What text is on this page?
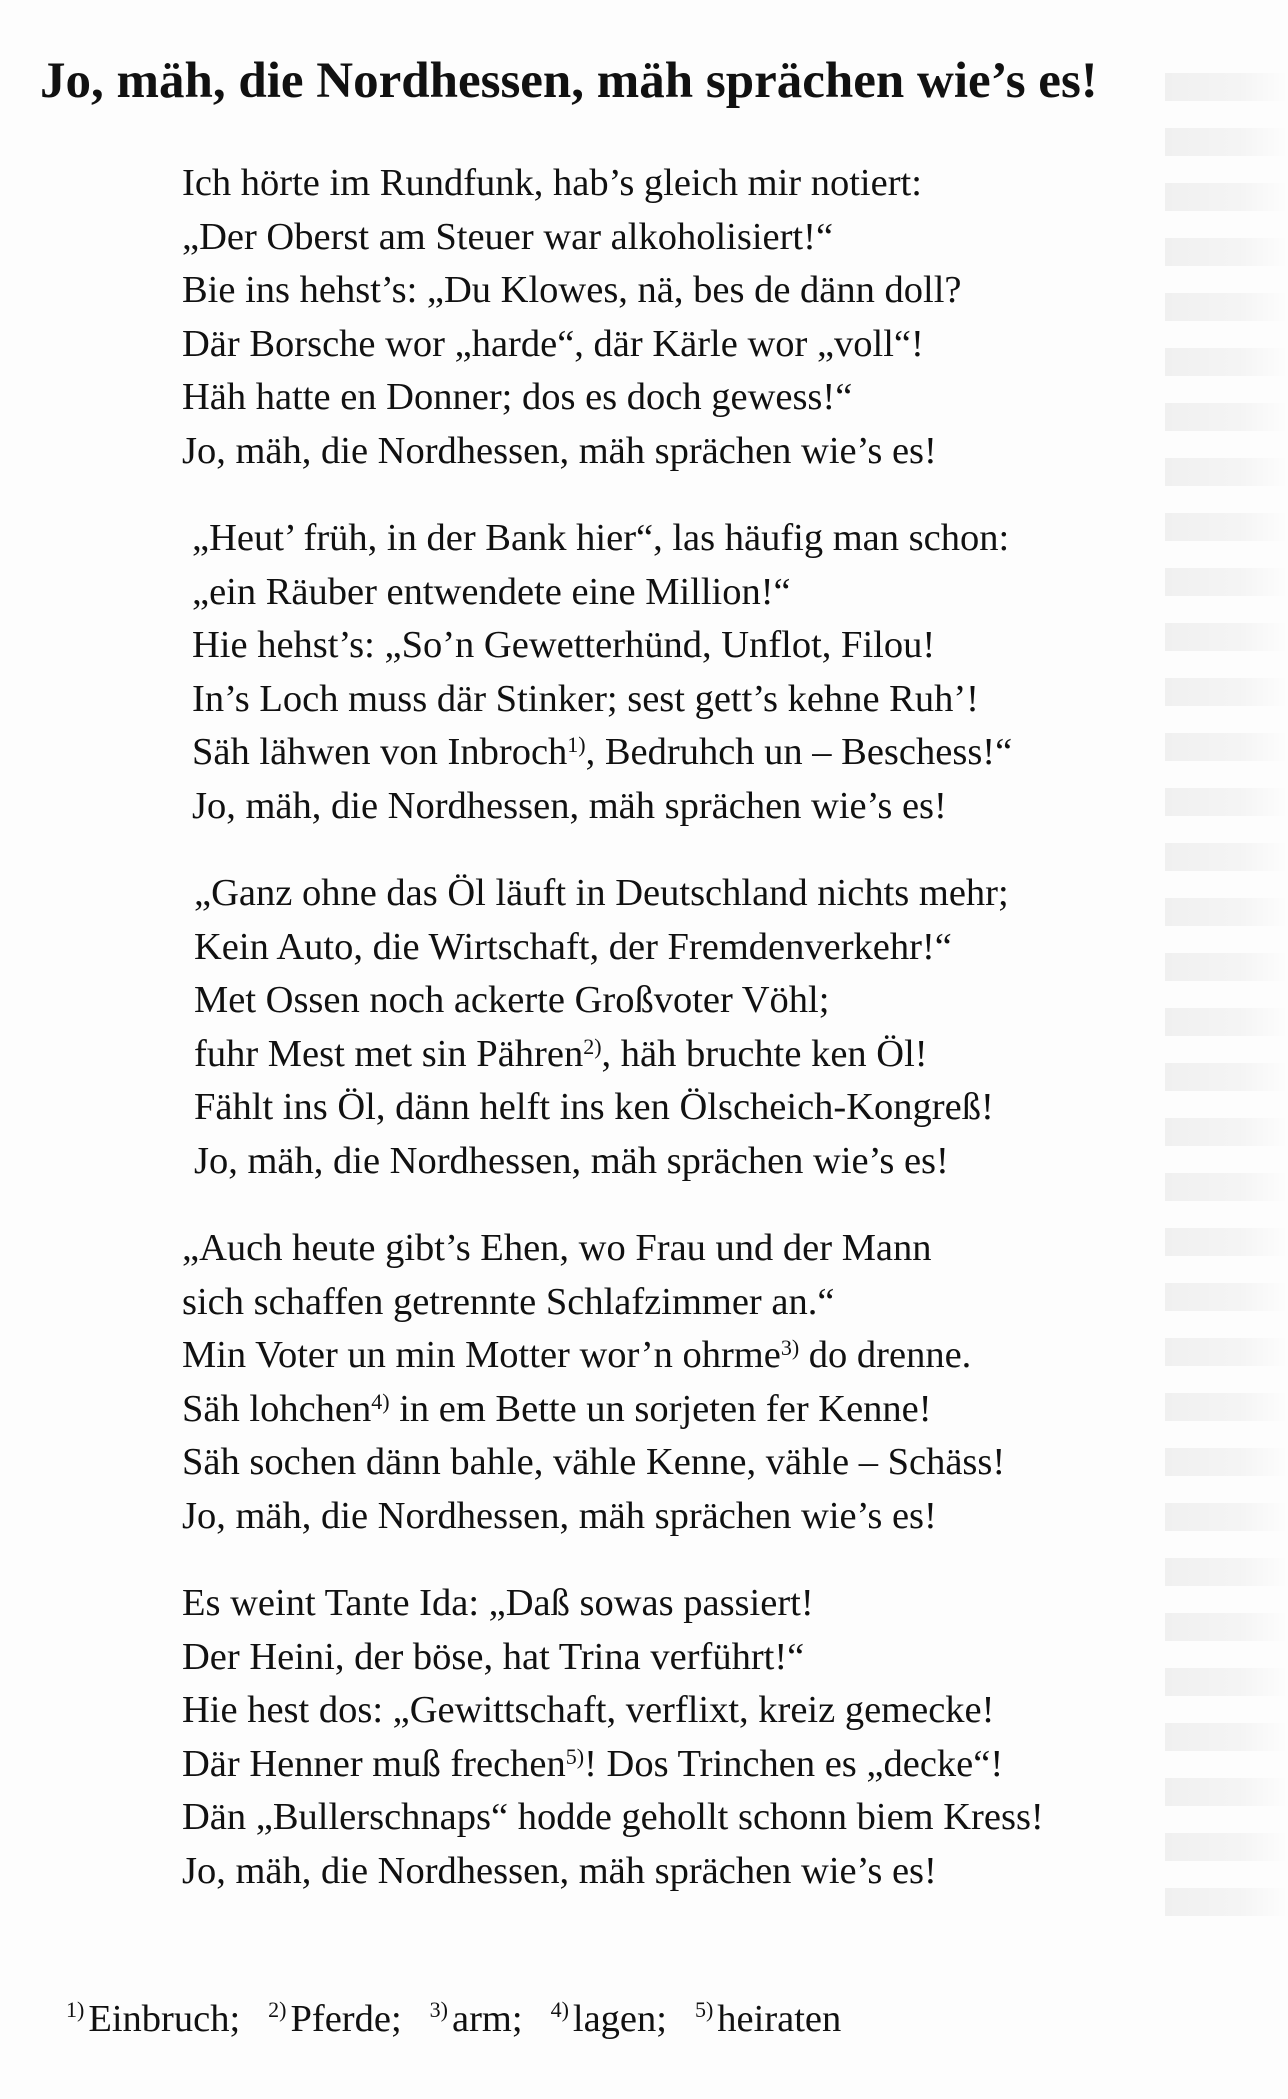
Jo, mäh, die Nordhessen, mäh sprächen wie’s es!
Ich hörte im Rundfunk, hab’s gleich mir notiert:
„Der Oberst am Steuer war alkoholisiert!“
Bie ins hehst’s: „Du Klowes, nä, bes de dänn doll?
Där Borsche wor „harde“, där Kärle wor „voll“!
Häh hatte en Donner; dos es doch gewess!“
Jo, mäh, die Nordhessen, mäh sprächen wie’s es!
„Heut’ früh, in der Bank hier“, las häufig man schon:
„ein Räuber entwendete eine Million!“
Hie hehst’s: „So’n Gewetterhünd, Unflot, Filou!
In’s Loch muss där Stinker; sest gett’s kehne Ruh’!
Säh lähwen von Inbroch$^{1)}$, Bedruhch un – Beschess!“
Jo, mäh, die Nordhessen, mäh sprächen wie’s es!
„Ganz ohne das Öl läuft in Deutschland nichts mehr;
Kein Auto, die Wirtschaft, der Fremdenverkehr!“
Met Ossen noch ackerte Großvoter Vöhl;
fuhr Mest met sin Pähren$^{2)}$, häh bruchte ken Öl!
Fählt ins Öl, dänn helft ins ken Ölscheich-Kongreß!
Jo, mäh, die Nordhessen, mäh sprächen wie’s es!
„Auch heute gibt’s Ehen, wo Frau und der Mann
sich schaffen getrennte Schlafzimmer an.“
Min Voter un min Motter wor’n ohrme$^{3)}$ do drenne.
Säh lohchen$^{4)}$ in em Bette un sorjeten fer Kenne!
Säh sochen dänn bahle, vähle Kenne, vähle – Schäss!
Jo, mäh, die Nordhessen, mäh sprächen wie’s es!
Es weint Tante Ida: „Daß sowas passiert!
Der Heini, der böse, hat Trina verführt!“
Hie hest dos: „Gewittschaft, verflixt, kreiz gemecke!
Där Henner muß frechen$^{5)}$! Dos Trinchen es „decke“!
Dän „Bullerschnaps“ hodde gehollt schonn biem Kress!
Jo, mäh, die Nordhessen, mäh sprächen wie’s es!
$^{1)}$ Einbruch; $^{2)}$ Pferde; $^{3)}$ arm; $^{4)}$ lagen; $^{5)}$ heiraten
